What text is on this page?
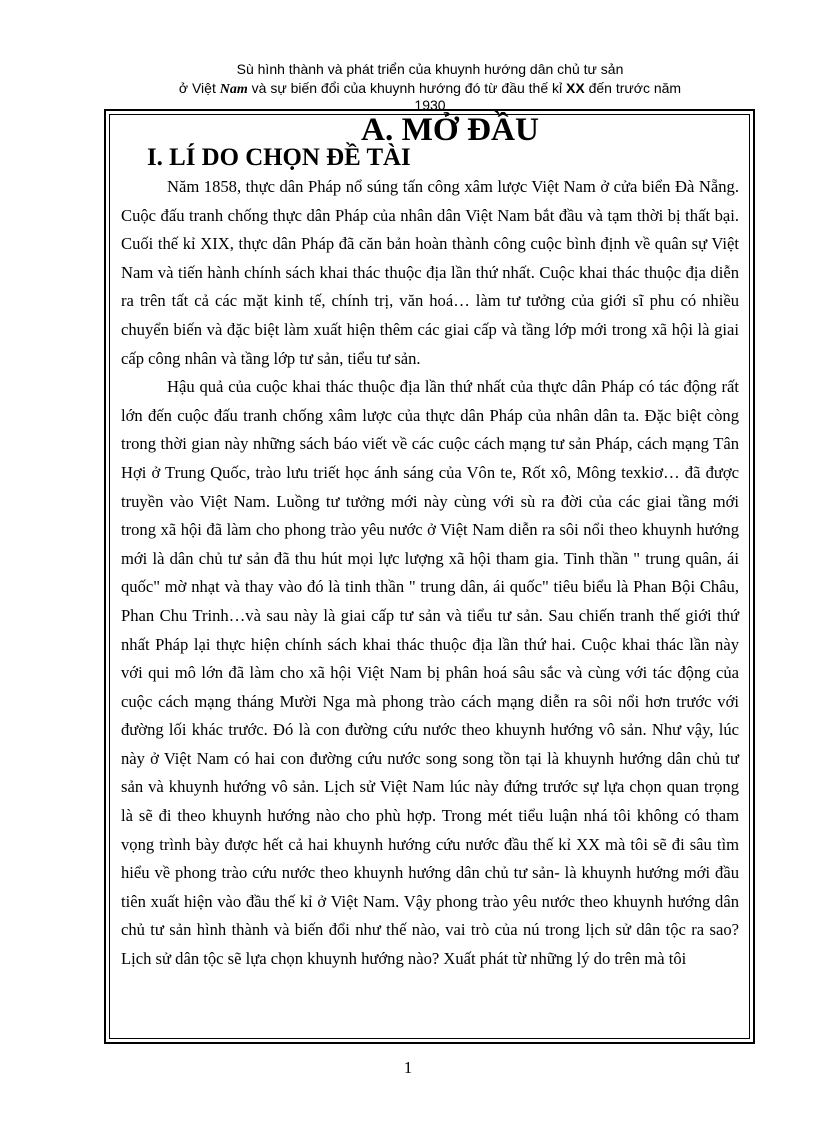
Sù hình thành và phát triển của khuynh hướng dân chủ tư sản
ở Việt Nam và sự biến đổi của khuynh hướng đó từ đầu thế kỉ XX đến trước năm
1930
A. MỞ ĐẦU
I. LÍ DO CHỌN ĐỀ TÀI

Năm 1858, thực dân Pháp nổ súng tấn công xâm lược Việt Nam ở cửa biển Đà Nẵng. Cuộc đấu tranh chống thực dân Pháp của nhân dân Việt Nam bắt đầu và tạm thời bị thất bại. Cuối thế kỉ XIX, thực dân Pháp đã căn bản hoàn thành công cuộc bình định về quân sự Việt Nam và tiến hành chính sách khai thác thuộc địa lần thứ nhất. Cuộc khai thác thuộc địa diễn ra trên tất cả các mặt kinh tế, chính trị, văn hoá… làm tư tưởng của giới sĩ phu có nhiều chuyển biến và đặc biệt làm xuất hiện thêm các giai cấp và tầng lớp mới trong xã hội là giai cấp công nhân và tầng lớp tư sản, tiểu tư sản.

Hậu quả của cuộc khai thác thuộc địa lần thứ nhất của thực dân Pháp có tác động rất lớn đến cuộc đấu tranh chống xâm lược của thực dân Pháp của nhân dân ta. Đặc biệt còng trong thời gian này những sách báo viết về các cuộc cách mạng tư sản Pháp, cách mạng Tân Hợi ở Trung Quốc, trào lưu triết học ánh sáng của Vôn te, Rốt xô, Mông texkiơ… đã được truyền vào Việt Nam. Luồng tư tưởng mới này cùng với sù ra đời của các giai tầng mới trong xã hội đã làm cho phong trào yêu nước ở Việt Nam diễn ra sôi nổi theo khuynh hướng mới là dân chủ tư sản đã thu hút mọi lực lượng xã hội tham gia. Tinh thần " trung quân, ái quốc" mờ nhạt và thay vào đó là tinh thần " trung dân, ái quốc" tiêu biểu là Phan Bội Châu, Phan Chu Trinh…và sau này là giai cấp tư sản và tiểu tư sản. Sau chiến tranh thế giới thứ nhất Pháp lại thực hiện chính sách khai thác thuộc địa lần thứ hai. Cuộc khai thác lần này với qui mô lớn đã làm cho xã hội Việt Nam bị phân hoá sâu sắc và cùng với tác động của cuộc cách mạng tháng Mười Nga mà phong trào cách mạng diễn ra sôi nổi hơn trước với đường lối khác trước. Đó là con đường cứu nước theo khuynh hướng vô sản. Như vậy, lúc này ở Việt Nam có hai con đường cứu nước song song tồn tại là khuynh hướng dân chủ tư sản và khuynh hướng vô sản. Lịch sử Việt Nam lúc này đứng trước sự lựa chọn quan trọng là sẽ đi theo khuynh hướng nào cho phù hợp. Trong mét tiểu luận nhá tôi không có tham vọng trình bày được hết cả hai khuynh hướng cứu nước đầu thế kỉ XX mà tôi sẽ đi sâu tìm hiểu về phong trào cứu nước theo khuynh hướng dân chủ tư sản- là khuynh hướng mới đầu tiên xuất hiện vào đầu thế kỉ ở Việt Nam. Vậy phong trào yêu nước theo khuynh hướng dân chủ tư sản hình thành và biến đổi như thế nào, vai trò của nú trong lịch sử dân tộc ra sao? Lịch sử dân tộc sẽ lựa chọn khuynh hướng nào? Xuất phát từ những lý do trên mà tôi

1
